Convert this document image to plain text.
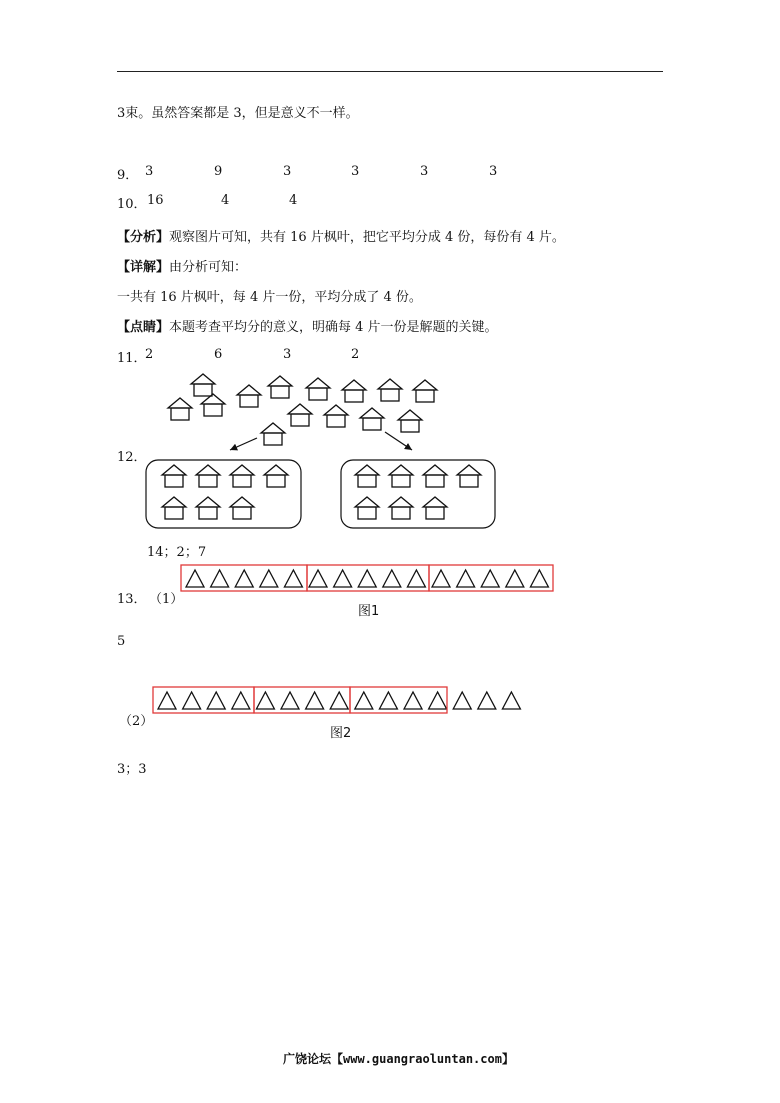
3束。虽然答案都是 3，但是意义不一样。
9． 3	9	3	3	3	3
10． 16	4	4
【分析】观察图片可知，共有 16 片枫叶，把它平均分成 4 份，每份有 4 片。
【详解】由分析可知：
一共有 16 片枫叶，每 4 片一份，平均分成了 4 份。
【点睛】本题考查平均分的意义，明确每 4 片一份是解题的关键。
11．
2	6	3	2
12．
14；2；7
13． （1）
图1
5
（2）
图2
3；3
广饶论坛【www.guangraoluntan.com】
